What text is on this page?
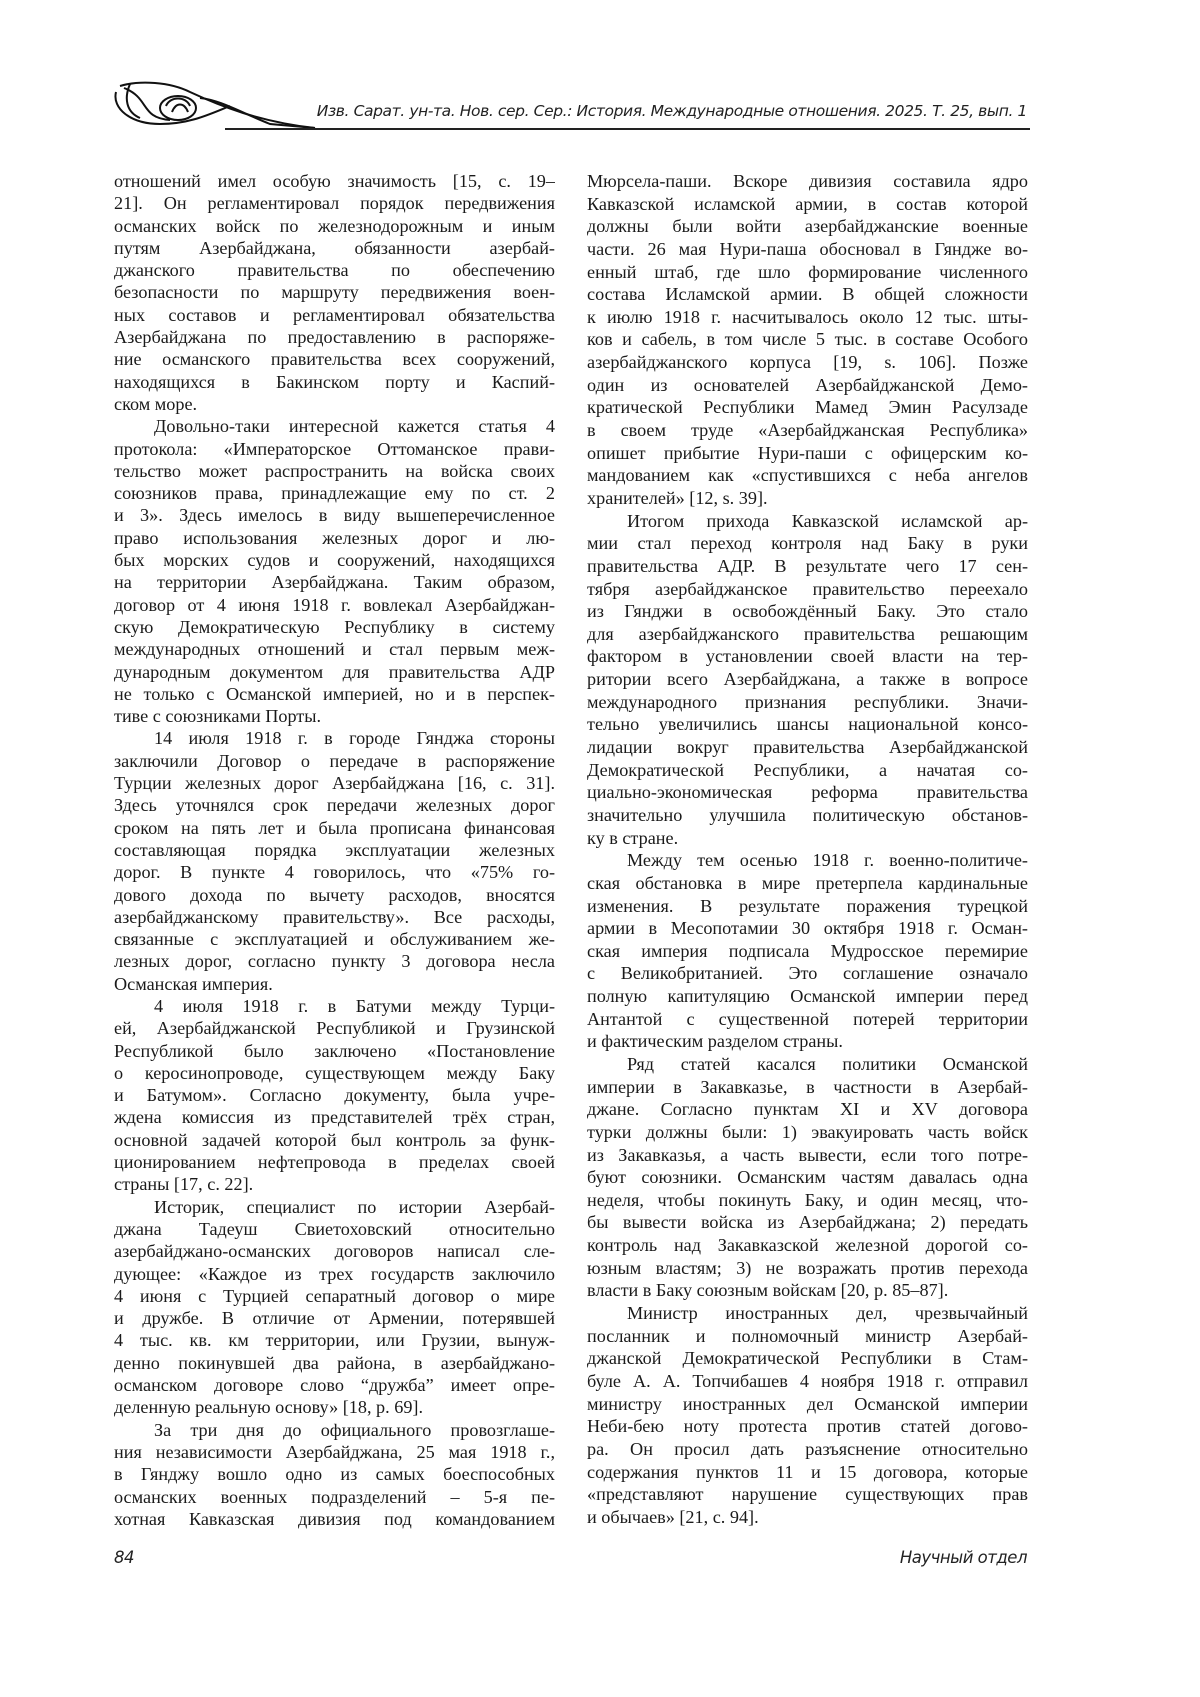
Изв. Сарат. ун-та. Нов. сер. Сер.: История. Международные отношения. 2025. Т. 25, вып. 1
отношений имел особую значимость [15, с. 19–
21]. Он регламентировал порядок передвижения
османских войск по железнодорожным и иным
путям Азербайджана, обязанности азербай-
джанского правительства по обеспечению
безопасности по маршруту передвижения воен-
ных составов и регламентировал обязательства
Азербайджана по предоставлению в распоряже-
ние османского правительства всех сооружений,
находящихся в Бакинском порту и Каспий-
ском море.
Довольно-таки интересной кажется статья 4
протокола: «Императорское Оттоманское прави-
тельство может распространить на войска своих
союзников права, принадлежащие ему по ст. 2
и 3». Здесь имелось в виду вышеперечисленное
право использования железных дорог и лю-
бых морских судов и сооружений, находящихся
на территории Азербайджана. Таким образом,
договор от 4 июня 1918 г. вовлекал Азербайджан-
скую Демократическую Республику в систему
международных отношений и стал первым меж-
дународным документом для правительства АДР
не только с Османской империей, но и в перспек-
тиве с союзниками Порты.
14 июля 1918 г. в городе Гянджа стороны
заключили Договор о передаче в распоряжение
Турции железных дорог Азербайджана [16, с. 31].
Здесь уточнялся срок передачи железных дорог
сроком на пять лет и была прописана финансовая
составляющая порядка эксплуатации железных
дорог. В пункте 4 говорилось, что «75% го-
дового дохода по вычету расходов, вносятся
азербайджанскому правительству». Все расходы,
связанные с эксплуатацией и обслуживанием же-
лезных дорог, согласно пункту 3 договора несла
Османская империя.
4 июля 1918 г. в Батуми между Турци-
ей, Азербайджанской Республикой и Грузинской
Республикой было заключено «Постановление
о керосинопроводе, существующем между Баку
и Батумом». Согласно документу, была учре-
ждена комиссия из представителей трёх стран,
основной задачей которой был контроль за функ-
ционированием нефтепровода в пределах своей
страны [17, с. 22].
Историк, специалист по истории Азербай-
джана Тадеуш Свиетоховский относительно
азербайджано-османских договоров написал сле-
дующее: «Каждое из трех государств заключило
4 июня с Турцией сепаратный договор о мире
и дружбе. В отличие от Армении, потерявшей
4 тыс. кв. км территории, или Грузии, вынуж-
денно покинувшей два района, в азербайджано-
османском договоре слово “дружба” имеет опре-
деленную реальную основу» [18, p. 69].
За три дня до официального провозглаше-
ния независимости Азербайджана, 25 мая 1918 г.,
в Гянджу вошло одно из самых боеспособных
османских военных подразделений – 5-я пе-
хотная Кавказская дивизия под командованием
Мюрсела-паши. Вскоре дивизия составила ядро
Кавказской исламской армии, в состав которой
должны были войти азербайджанские военные
части. 26 мая Нури-паша обосновал в Гяндже во-
енный штаб, где шло формирование численного
состава Исламской армии. В общей сложности
к июлю 1918 г. насчитывалось около 12 тыс. шты-
ков и сабель, в том числе 5 тыс. в составе Особого
азербайджанского корпуса [19, s. 106]. Позже
один из основателей Азербайджанской Демо-
кратической Республики Мамед Эмин Расулзаде
в своем труде «Азербайджанская Республика»
опишет прибытие Нури-паши с офицерским ко-
мандованием как «спустившихся с неба ангелов
хранителей» [12, s. 39].
Итогом прихода Кавказской исламской ар-
мии стал переход контроля над Баку в руки
правительства АДР. В результате чего 17 сен-
тября азербайджанское правительство переехало
из Гянджи в освобождённый Баку. Это стало
для азербайджанского правительства решающим
фактором в установлении своей власти на тер-
ритории всего Азербайджана, а также в вопросе
международного признания республики. Значи-
тельно увеличились шансы национальной консо-
лидации вокруг правительства Азербайджанской
Демократической Республики, а начатая со-
циально-экономическая реформа правительства
значительно улучшила политическую обстанов-
ку в стране.
Между тем осенью 1918 г. военно-политиче-
ская обстановка в мире претерпела кардинальные
изменения. В результате поражения турецкой
армии в Месопотамии 30 октября 1918 г. Осман-
ская империя подписала Мудросское перемирие
с Великобританией. Это соглашение означало
полную капитуляцию Османской империи перед
Антантой с существенной потерей территории
и фактическим разделом страны.
Ряд статей касался политики Османской
империи в Закавказье, в частности в Азербай-
джане. Согласно пунктам XI и XV договора
турки должны были: 1) эвакуировать часть войск
из Закавказья, а часть вывести, если того потре-
буют союзники. Османским частям давалась одна
неделя, чтобы покинуть Баку, и один месяц, что-
бы вывести войска из Азербайджана; 2) передать
контроль над Закавказской железной дорогой со-
юзным властям; 3) не возражать против перехода
власти в Баку союзным войскам [20, p. 85–87].
Министр иностранных дел, чрезвычайный
посланник и полномочный министр Азербай-
джанской Демократической Республики в Стам-
буле А. А. Топчибашев 4 ноября 1918 г. отправил
министру иностранных дел Османской империи
Неби-бею ноту протеста против статей догово-
ра. Он просил дать разъяснение относительно
содержания пунктов 11 и 15 договора, которые
«представляют нарушение существующих прав
и обычаев» [21, с. 94].
84	Научный отдел
